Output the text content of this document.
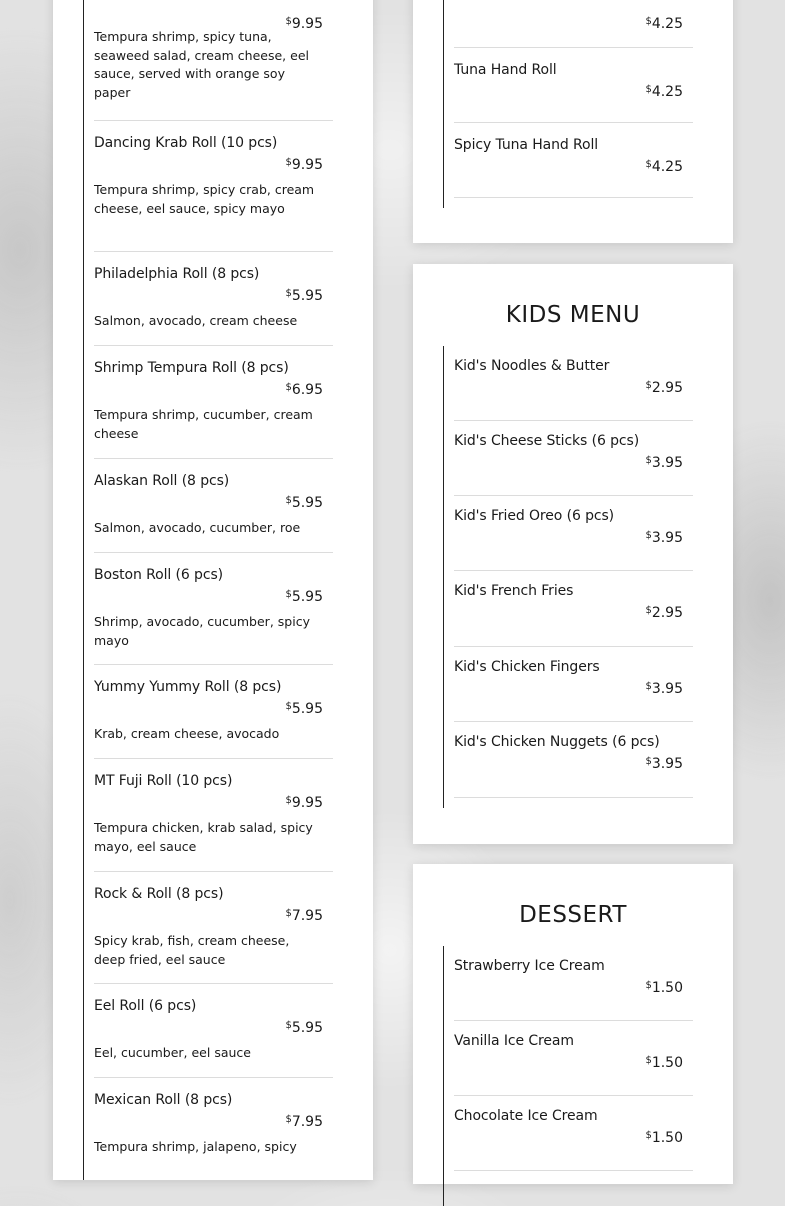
$9.95
Tempura shrimp, spicy tuna, seaweed salad, cream cheese, eel sauce, served with orange soy paper
Dancing Krab Roll (10 pcs)
$9.95
Tempura shrimp, spicy crab, cream cheese, eel sauce, spicy mayo
Philadelphia Roll (8 pcs)
$5.95
Salmon, avocado, cream cheese
Shrimp Tempura Roll (8 pcs)
$6.95
Tempura shrimp, cucumber, cream cheese
Alaskan Roll (8 pcs)
$5.95
Salmon, avocado, cucumber, roe
Boston Roll (6 pcs)
$5.95
Shrimp, avocado, cucumber, spicy mayo
Yummy Yummy Roll (8 pcs)
$5.95
Krab, cream cheese, avocado
MT Fuji Roll (10 pcs)
$9.95
Tempura chicken, krab salad, spicy mayo, eel sauce
Rock & Roll (8 pcs)
$7.95
Spicy krab, fish, cream cheese, deep fried, eel sauce
Eel Roll (6 pcs)
$5.95
Eel, cucumber, eel sauce
Mexican Roll (8 pcs)
$7.95
Tempura shrimp, jalapeno, spicy
$4.25
Tuna Hand Roll
$4.25
Spicy Tuna Hand Roll
$4.25
KIDS MENU
Kid's Noodles & Butter
$2.95
Kid's Cheese Sticks (6 pcs)
$3.95
Kid's Fried Oreo (6 pcs)
$3.95
Kid's French Fries
$2.95
Kid's Chicken Fingers
$3.95
Kid's Chicken Nuggets (6 pcs)
$3.95
DESSERT
Strawberry Ice Cream
$1.50
Vanilla Ice Cream
$1.50
Chocolate Ice Cream
$1.50
